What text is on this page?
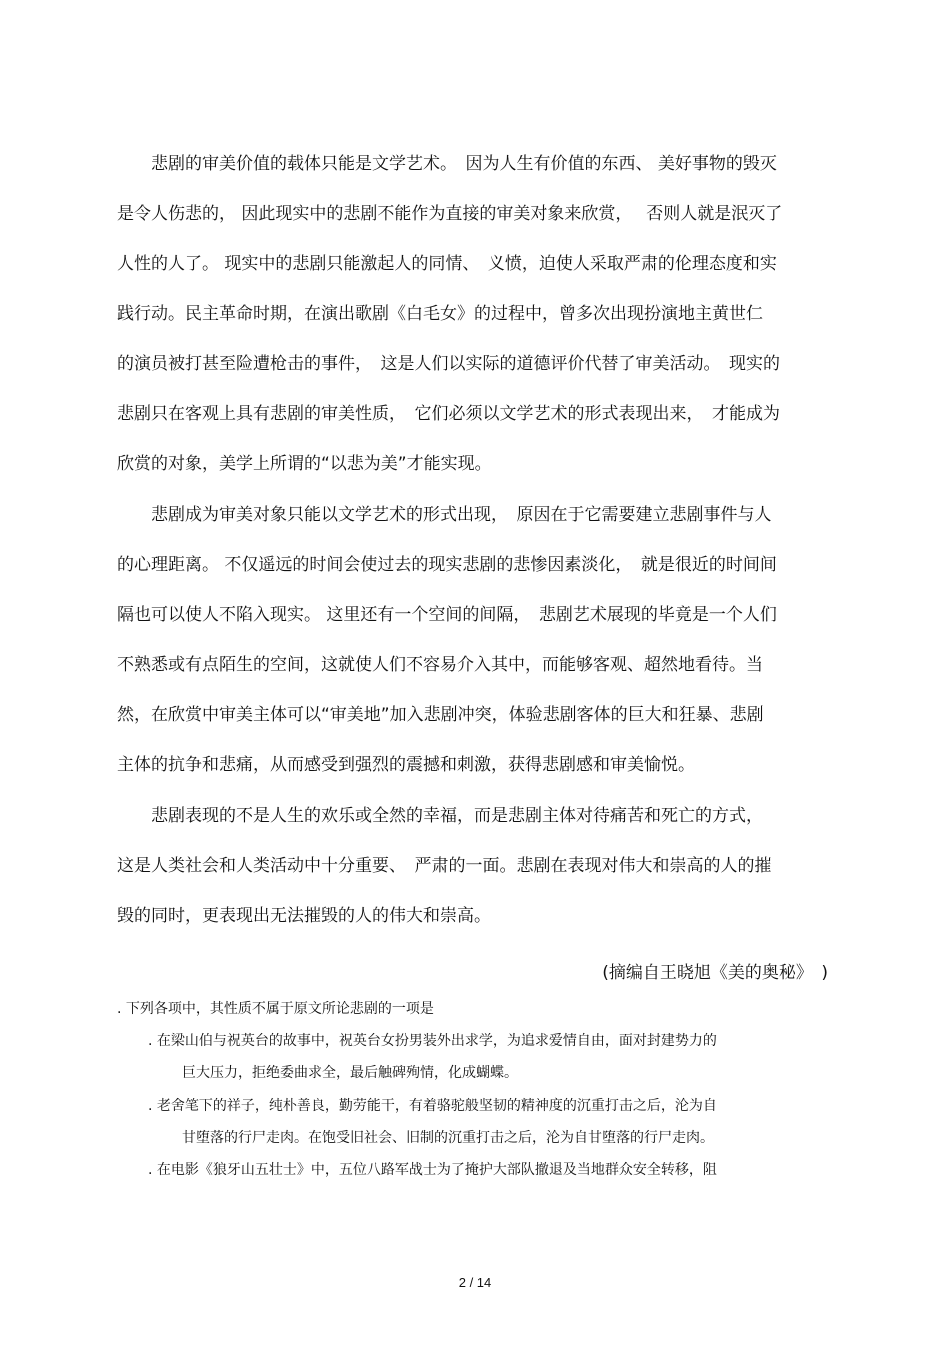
　　悲剧的审美价值的载体只能是文学艺术。　因为人生有价值的东西、 美好事物的毁灭
是令人伤悲的， 因此现实中的悲剧不能作为直接的审美对象来欣赏，　 否则人就是泯灭了
人性的人了。 现实中的悲剧只能激起人的同情、　义愤，迫使人采取严肃的伦理态度和实
践行动。民主革命时期，在演出歌剧《白毛女》的过程中，曾多次出现扮演地主黄世仁
的演员被打甚至险遭枪击的事件，　这是人们以实际的道德评价代替了审美活动。　现实的
悲剧只在客观上具有悲剧的审美性质，　它们必须以文学艺术的形式表现出来，　才能成为
欣赏的对象，美学上所谓的“以悲为美”才能实现。
　　悲剧成为审美对象只能以文学艺术的形式出现，　原因在于它需要建立悲剧事件与人
的心理距离。 不仅遥远的时间会使过去的现实悲剧的悲惨因素淡化，　就是很近的时间间
隔也可以使人不陷入现实。 这里还有一个空间的间隔，　悲剧艺术展现的毕竟是一个人们
不熟悉或有点陌生的空间，这就使人们不容易介入其中，而能够客观、超然地看待。当
然，在欣赏中审美主体可以“审美地”加入悲剧冲突，体验悲剧客体的巨大和狂暴、悲剧
主体的抗争和悲痛，从而感受到强烈的震撼和刺激，获得悲剧感和审美愉悦。
　　悲剧表现的不是人生的欢乐或全然的幸福，而是悲剧主体对待痛苦和死亡的方式，
这是人类社会和人类活动中十分重要、　严肃的一面。悲剧在表现对伟大和崇高的人的摧
毁的同时，更表现出无法摧毁的人的伟大和崇高。
(摘编自王晓旭《美的奥秘》　)
. 下列各项中，其性质不属于原文所论悲剧的一项是
. 在梁山伯与祝英台的故事中，祝英台女扮男装外出求学，为追求爱情自由，面对封建势力的
巨大压力，拒绝委曲求全，最后触碑殉情，化成蝴蝶。
. 老舍笔下的祥子，纯朴善良，勤劳能干，有着骆驼般坚韧的精神度的沉重打击之后，沦为自
甘堕落的行尸走肉。在饱受旧社会、旧制的沉重打击之后，沦为自甘堕落的行尸走肉。
. 在电影《狼牙山五壮士》中，五位八路军战士为了掩护大部队撤退及当地群众安全转移，阻
2 / 14
